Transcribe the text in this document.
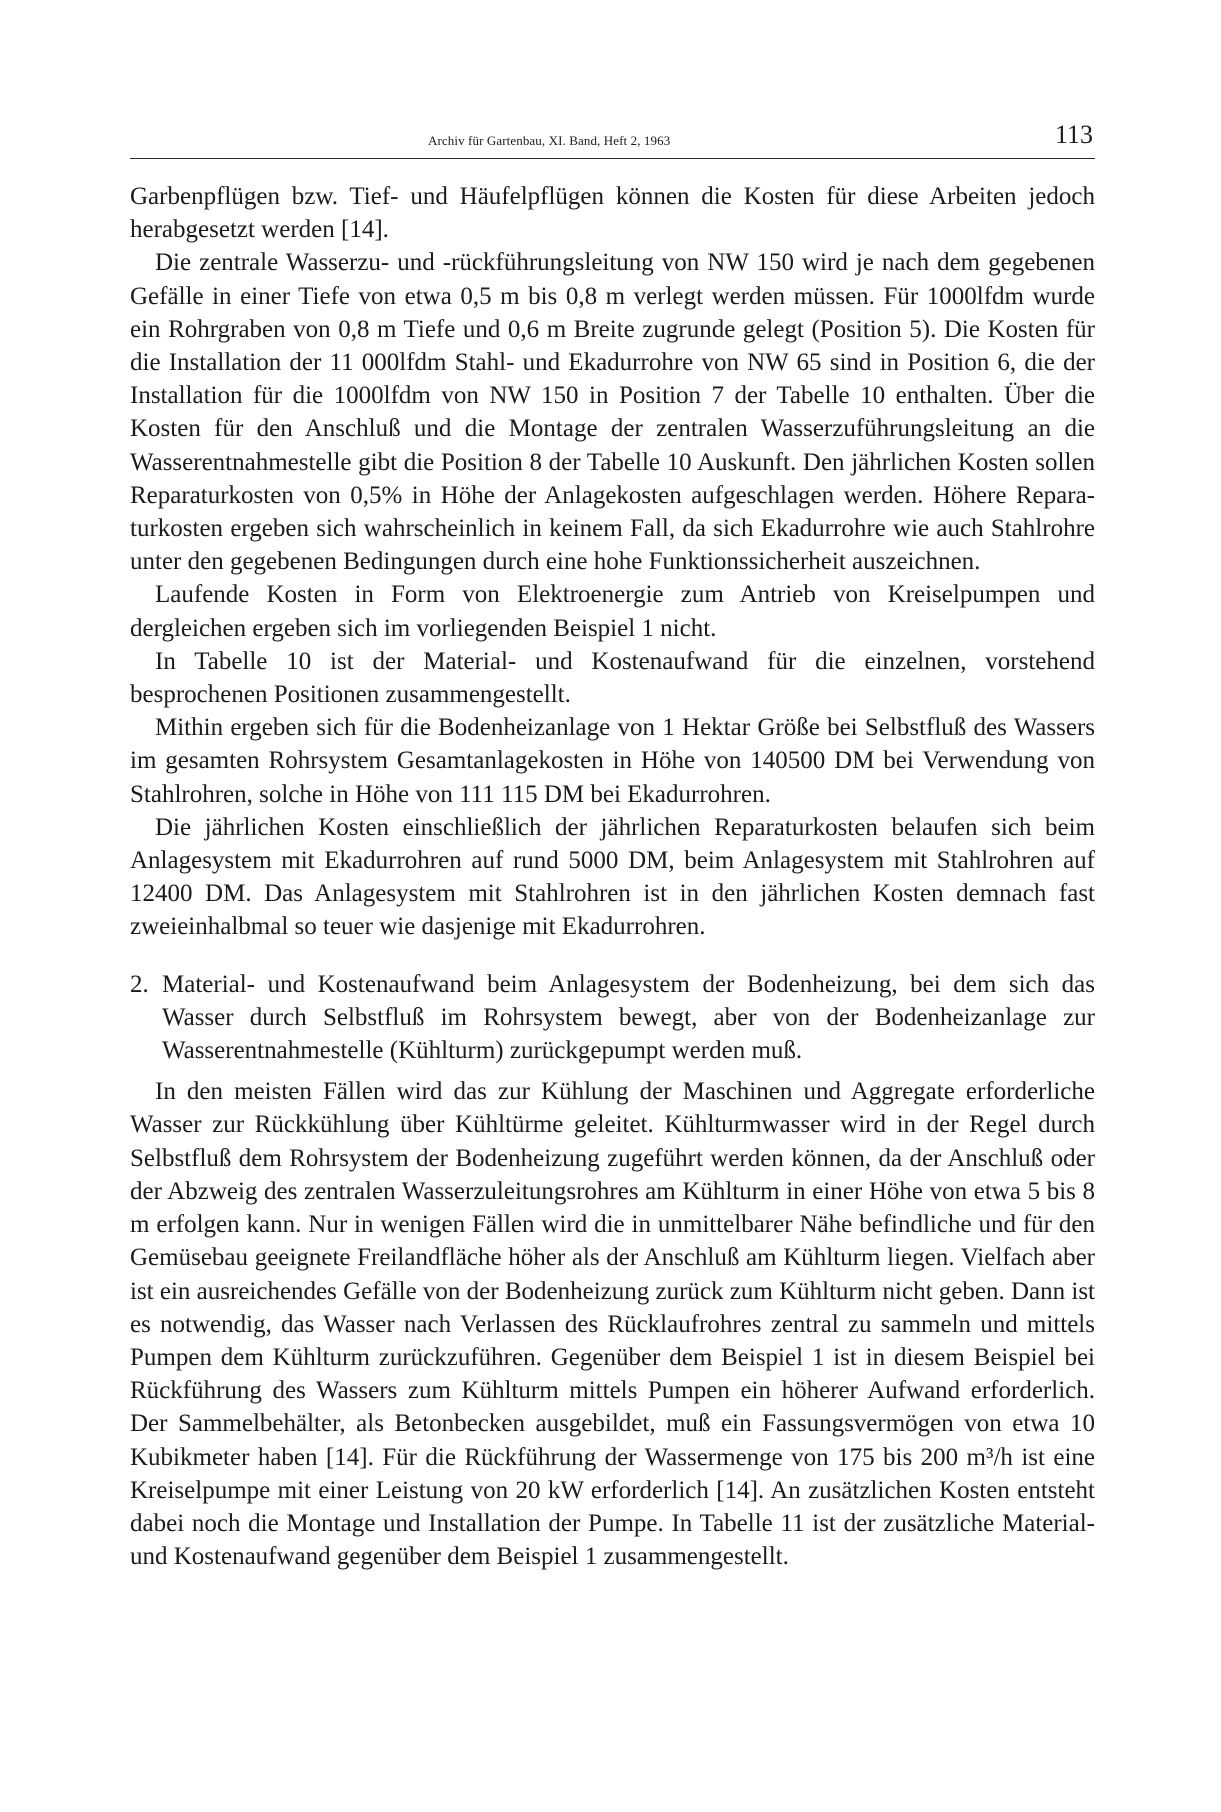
Archiv für Gartenbau, XI. Band, Heft 2, 1963	113

Garbenpflügen bzw. Tief- und Häufelpflügen können die Kosten für diese Arbeiten jedoch herabgesetzt werden [14].

Die zentrale Wasserzu- und -rückführungsleitung von NW 150 wird je nach dem gegebenen Gefälle in einer Tiefe von etwa 0,5 m bis 0,8 m verlegt werden müssen. Für 1000lfdm wurde ein Rohrgraben von 0,8 m Tiefe und 0,6 m Breite zugrunde gelegt (Position 5). Die Kosten für die Installation der 11 000lfdm Stahl- und Ekadurrohre von NW 65 sind in Position 6, die der Installation für die 1000lfdm von NW 150 in Position 7 der Tabelle 10 enthalten. Über die Kosten für den Anschluß und die Montage der zentralen Wasserzuführungsleitung an die Wasserentnahmestelle gibt die Position 8 der Tabelle 10 Auskunft. Den jährlichen Kosten sollen Reparaturkosten von 0,5% in Höhe der Anlagekosten aufgeschlagen werden. Höhere Reparaturkosten ergeben sich wahrscheinlich in keinem Fall, da sich Ekadurrohre wie auch Stahlrohre unter den gegebenen Bedingungen durch eine hohe Funktionssicherheit auszeichnen.

Laufende Kosten in Form von Elektroenergie zum Antrieb von Kreiselpumpen und dergleichen ergeben sich im vorliegenden Beispiel 1 nicht.

In Tabelle 10 ist der Material- und Kostenaufwand für die einzelnen, vorstehend besprochenen Positionen zusammengestellt.

Mithin ergeben sich für die Bodenheizanlage von 1 Hektar Größe bei Selbstfluß des Wassers im gesamten Rohrsystem Gesamtanlagekosten in Höhe von 140500 DM bei Verwendung von Stahlrohren, solche in Höhe von 111 115 DM bei Ekadurrohren.

Die jährlichen Kosten einschließlich der jährlichen Reparaturkosten belaufen sich beim Anlagesystem mit Ekadurrohren auf rund 5000 DM, beim Anlagesystem mit Stahlrohren auf 12400 DM. Das Anlagesystem mit Stahlrohren ist in den jährlichen Kosten demnach fast zweieinhalbmal so teuer wie dasjenige mit Ekadurrohren.

2. Material- und Kostenaufwand beim Anlagesystem der Bodenheizung, bei dem sich das Wasser durch Selbstfluß im Rohrsystem bewegt, aber von der Bodenheizanlage zur Wasserentnahmestelle (Kühlturm) zurückgepumpt werden muß.

In den meisten Fällen wird das zur Kühlung der Maschinen und Aggregate erforderliche Wasser zur Rückkühlung über Kühltürme geleitet. Kühlturmwasser wird in der Regel durch Selbstfluß dem Rohrsystem der Bodenheizung zugeführt werden können, da der Anschluß oder der Abzweig des zentralen Wasserzuleitungsrohres am Kühlturm in einer Höhe von etwa 5 bis 8 m erfolgen kann. Nur in wenigen Fällen wird die in unmittelbarer Nähe befindliche und für den Gemüsebau geeignete Freilandfläche höher als der Anschluß am Kühlturm liegen. Vielfach aber ist ein ausreichendes Gefälle von der Bodenheizung zurück zum Kühlturm nicht geben. Dann ist es notwendig, das Wasser nach Verlassen des Rücklaufrohres zentral zu sammeln und mittels Pumpen dem Kühlturm zurückzuführen. Gegenüber dem Beispiel 1 ist in diesem Beispiel bei Rückführung des Wassers zum Kühlturm mittels Pumpen ein höherer Aufwand erforderlich. Der Sammelbehälter, als Betonbecken ausgebildet, muß ein Fassungsvermögen von etwa 10 Kubikmeter haben [14]. Für die Rückführung der Wassermenge von 175 bis 200 m³/h ist eine Kreiselpumpe mit einer Leistung von 20 kW erforderlich [14]. An zusätzlichen Kosten entsteht dabei noch die Montage und Installation der Pumpe. In Tabelle 11 ist der zusätzliche Material- und Kostenaufwand gegenüber dem Beispiel 1 zusammengestellt.
